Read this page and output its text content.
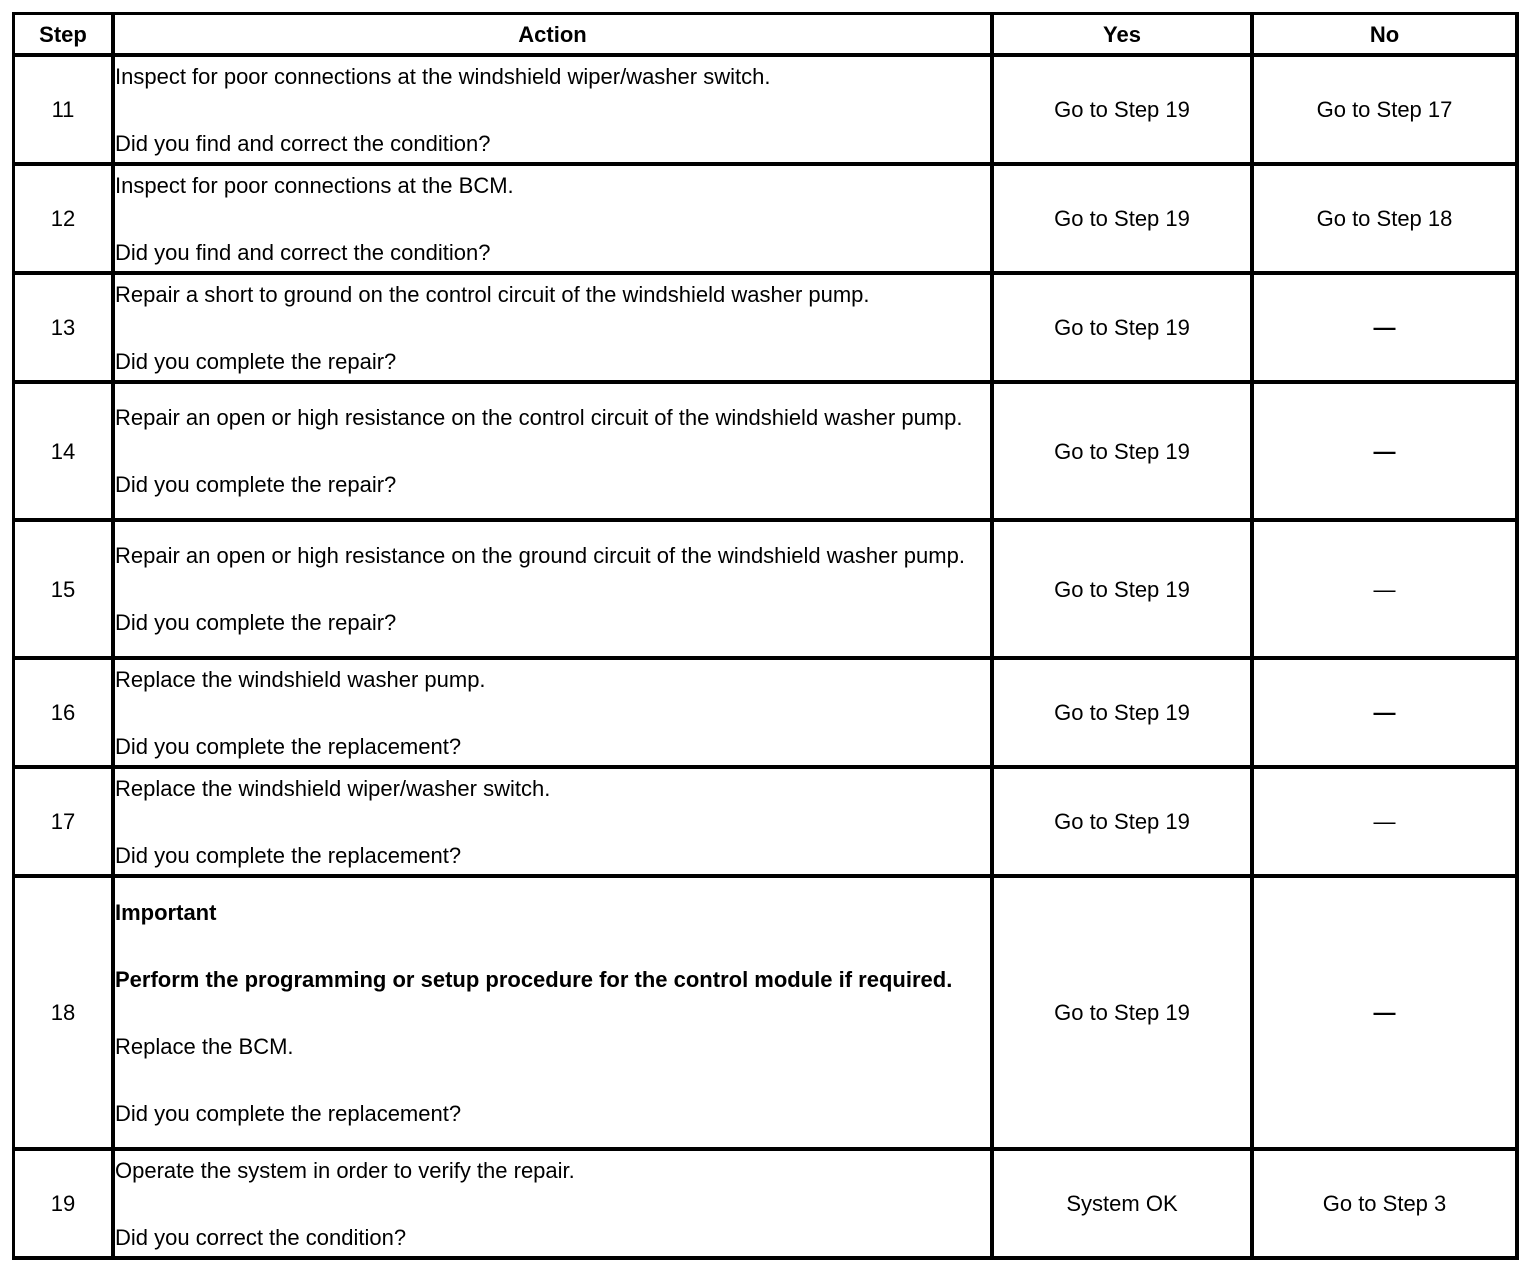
Step	Action	Yes	No
11	Inspect for poor connections at the windshield wiper/washer switch.

Did you find and correct the condition?	Go to Step 19	Go to Step 17
12	Inspect for poor connections at the BCM.

Did you find and correct the condition?	Go to Step 19	Go to Step 18
13	Repair a short to ground on the control circuit of the windshield washer pump.

Did you complete the repair?	Go to Step 19	—
14	Repair an open or high resistance on the control circuit of the windshield washer pump.

Did you complete the repair?	Go to Step 19	—
15	Repair an open or high resistance on the ground circuit of the windshield washer pump.

Did you complete the repair?	Go to Step 19	—
16	Replace the windshield washer pump.

Did you complete the replacement?	Go to Step 19	—
17	Replace the windshield wiper/washer switch.

Did you complete the replacement?	Go to Step 19	—
18	Important

Perform the programming or setup procedure for the control module if required.

Replace the BCM.

Did you complete the replacement?	Go to Step 19	—
19	Operate the system in order to verify the repair.

Did you correct the condition?	System OK	Go to Step 3
